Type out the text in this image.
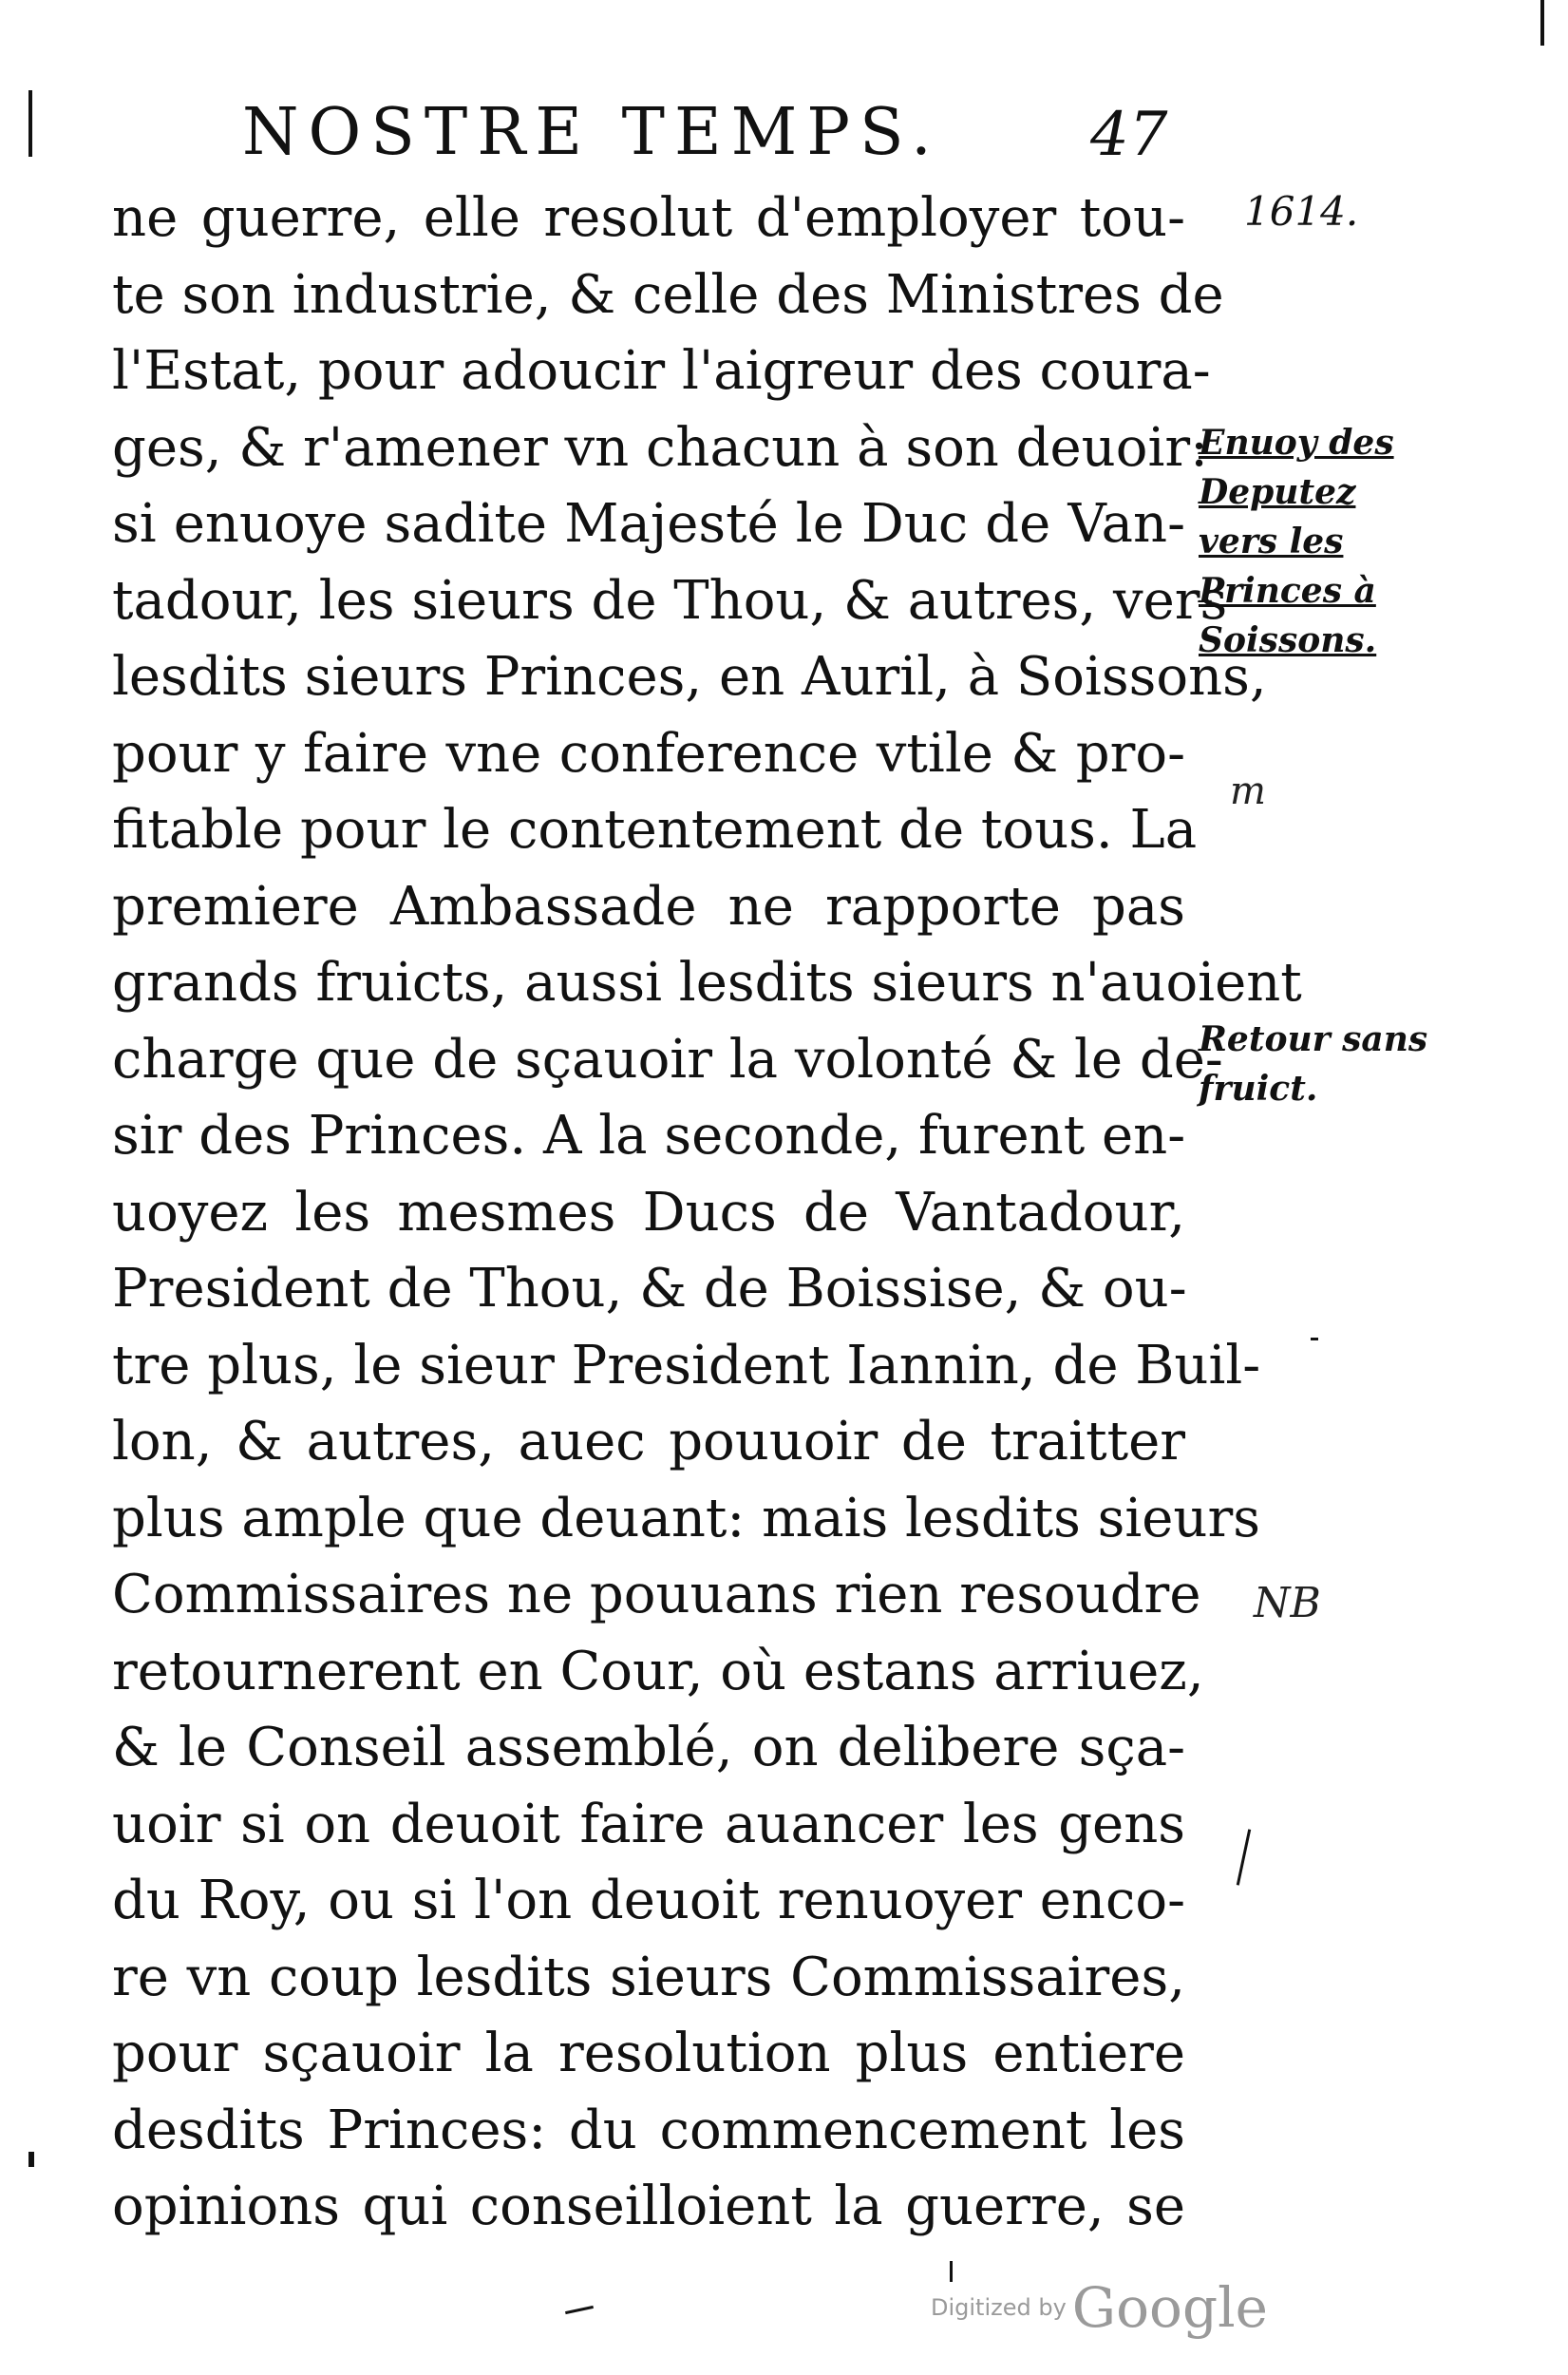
NOSTRE TEMPS. 47
1614.
Enuoy des
Deputez
vers les
Princes à
Soissons.
Retour sans
fruict.
m
NB
ne guerre, elle resolut d'employer tou-
te son industrie, & celle des Ministres de
l'Estat, pour adoucir l'aigreur des coura-
ges, & r'amener vn chacun à son deuoir:
si enuoye sadite Majesté le Duc de Van-
tadour, les sieurs de Thou, & autres, vers
lesdits sieurs Princes, en Auril, à Soissons,
pour y faire vne conference vtile & pro-
fitable pour le contentement de tous. La
premiere Ambassade ne rapporte pas
grands fruicts, aussi lesdits sieurs n'auoient
charge que de sçauoir la volonté & le de-
sir des Princes. A la seconde, furent en-
uoyez les mesmes Ducs de Vantadour,
President de Thou, & de Boissise, & ou-
tre plus, le sieur President Iannin, de Buil-
lon, & autres, auec pouuoir de traitter
plus ample que deuant: mais lesdits sieurs
Commissaires ne pouuans rien resoudre
retournerent en Cour, où estans arriuez,
& le Conseil assemblé, on delibere sça-
uoir si on deuoit faire auancer les gens
du Roy, ou si l'on deuoit renuoyer enco-
re vn coup lesdits sieurs Commissaires,
pour sçauoir la resolution plus entiere
desdits Princes: du commencement les
opinions qui conseilloient la guerre, se
Digitized by Google
